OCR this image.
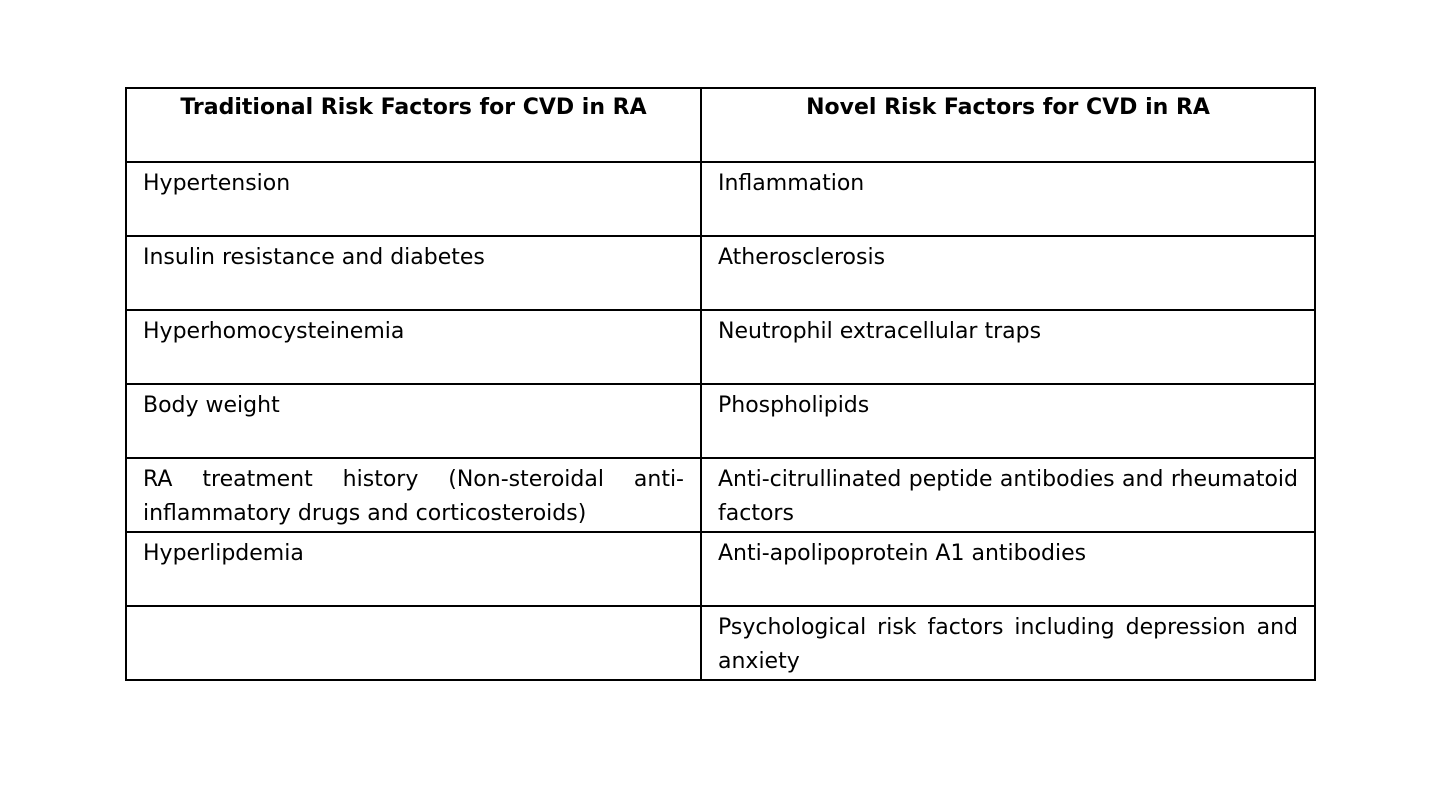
Traditional Risk Factors for CVD in RA	Novel Risk Factors for CVD in RA
Hypertension	Inflammation
Insulin resistance and diabetes	Atherosclerosis
Hyperhomocysteinemia	Neutrophil extracellular traps
Body weight	Phospholipids
RA treatment history (Non-steroidal anti-inflammatory drugs and corticosteroids)	Anti-citrullinated peptide antibodies and rheumatoid factors
Hyperlipdemia	Anti-apolipoprotein A1 antibodies
	Psychological risk factors including depression and anxiety
